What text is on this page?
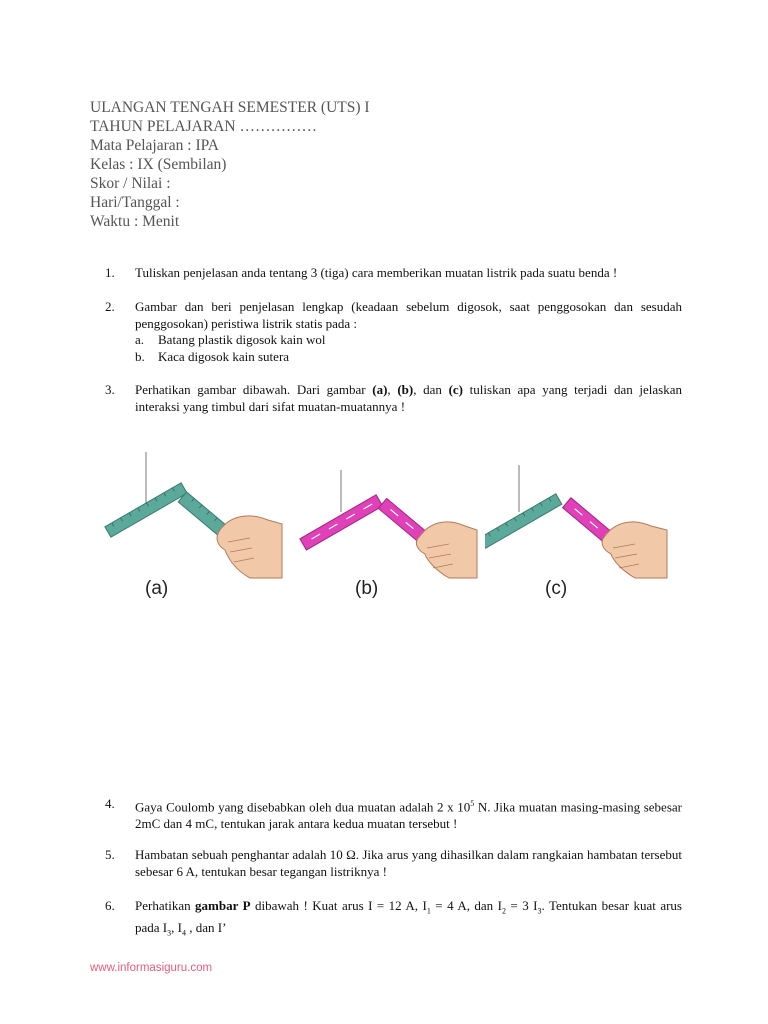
ULANGAN TENGAH SEMESTER (UTS) I
TAHUN PELAJARAN ……………
Mata Pelajaran : IPA
Kelas : IX (Sembilan)
Skor / Nilai :
Hari/Tanggal :
Waktu : Menit
1. Tuliskan penjelasan anda tentang 3 (tiga) cara memberikan muatan listrik pada suatu benda !
2. Gambar dan beri penjelasan lengkap (keadaan sebelum digosok, saat penggosokan dan sesudah penggosokan) peristiwa listrik statis pada :
a. Batang plastik digosok kain wol
b. Kaca digosok kain sutera
3. Perhatikan gambar dibawah. Dari gambar (a), (b), dan (c) tuliskan apa yang terjadi dan jelaskan interaksi yang timbul dari sifat muatan-muatannya !
(a)	(b)	(c)
4. Gaya Coulomb yang disebabkan oleh dua muatan adalah 2 x $10^5$ N. Jika muatan masing-masing sebesar 2mC dan 4 mC, tentukan jarak antara kedua muatan tersebut !
5. Hambatan sebuah penghantar adalah 10 Ω. Jika arus yang dihasilkan dalam rangkaian hambatan tersebut sebesar 6 A, tentukan besar tegangan listriknya !
6. Perhatikan gambar P dibawah ! Kuat arus I = 12 A, $I_1 = 4$ A, dan $I_2 = 3$ $I_3$. Tentukan besar kuat arus pada $I_3$, $I_4$ , dan I’
www.informasiguru.com
